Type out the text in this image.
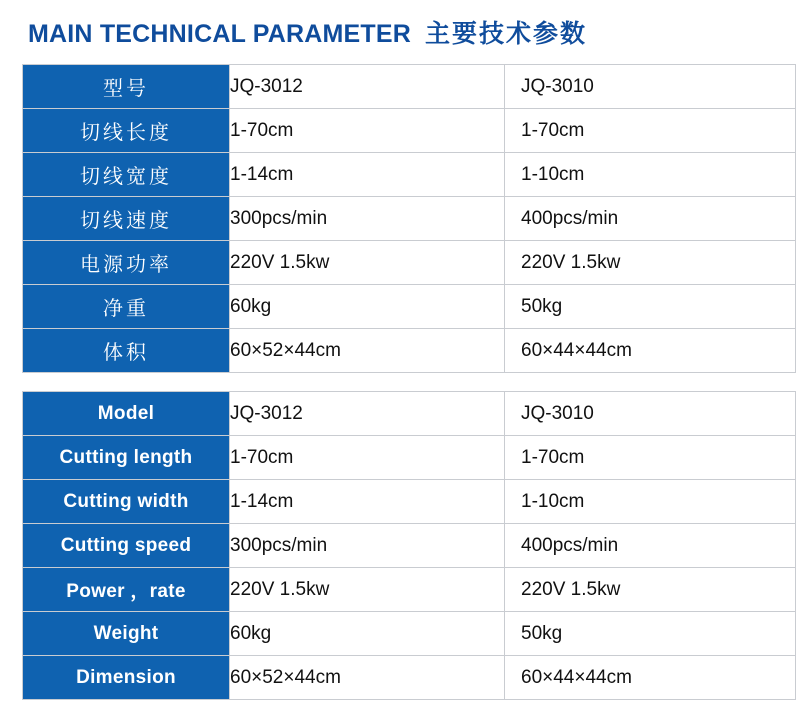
MAIN TECHNICAL PARAMETER 主要技术参数
型号	JQ-3012	JQ-3010
切线长度	1-70cm	1-70cm
切线宽度	1-14cm	1-10cm
切线速度	300pcs/min	400pcs/min
电源功率	220V 1.5kw	220V 1.5kw
净重	60kg	50kg
体积	60×52×44cm	60×44×44cm
Model	JQ-3012	JQ-3010
Cutting length	1-70cm	1-70cm
Cutting width	1-14cm	1-10cm
Cutting speed	300pcs/min	400pcs/min
Power ，rate	220V 1.5kw	220V 1.5kw
Weight	60kg	50kg
Dimension	60×52×44cm	60×44×44cm
